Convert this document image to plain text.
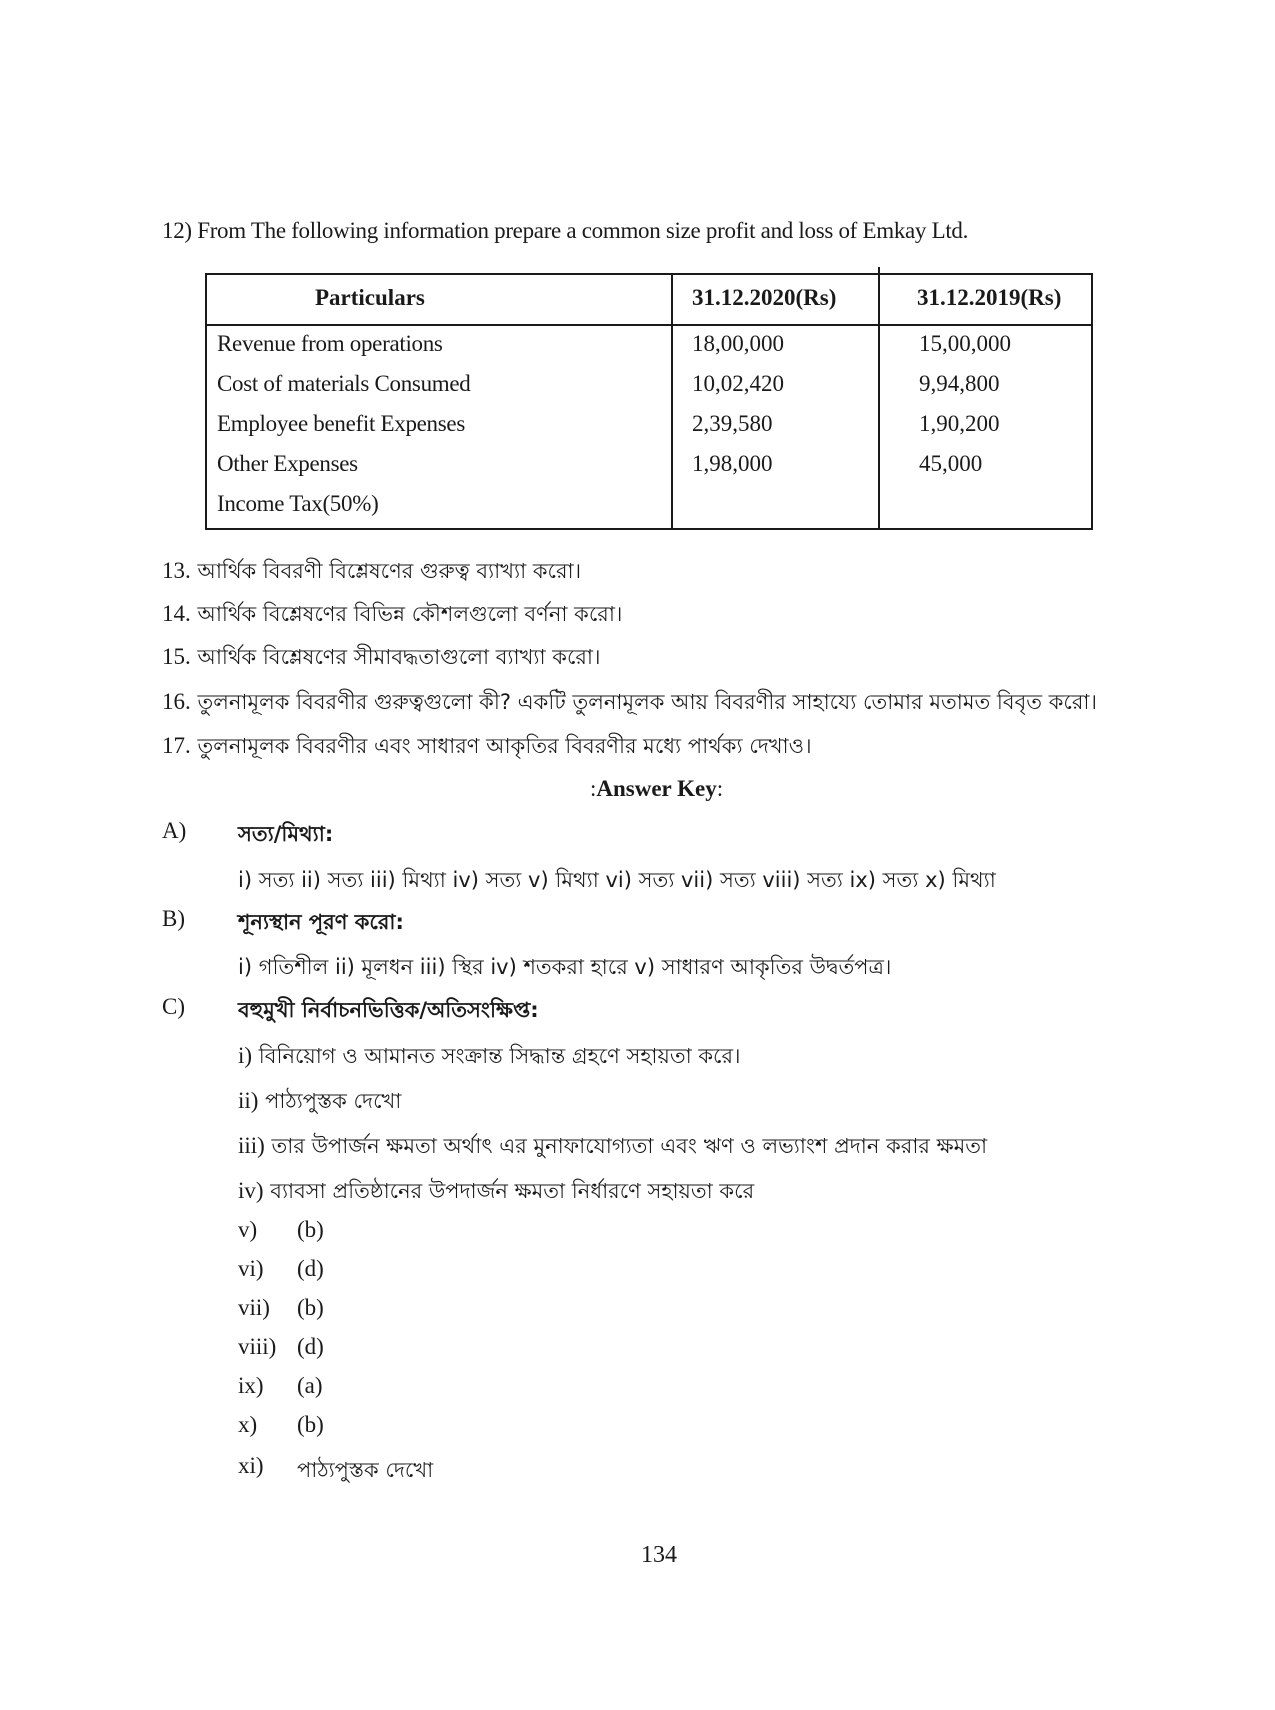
12) From The following information prepare a common size profit and loss of Emkay Ltd.
Particulars	31.12.2020(Rs)	31.12.2019(Rs)
Revenue from operations	18,00,000	15,00,000
Cost of materials Consumed	10,02,420	9,94,800
Employee benefit Expenses	2,39,580	1,90,200
Other Expenses	1,98,000	45,000
Income Tax(50%)
13. আর্থিক বিবরণী বিশ্লেষণের গুরুত্ব ব্যাখ্যা করো।
14. আর্থিক বিশ্লেষণের বিভিন্ন কৌশলগুলো বর্ণনা করো।
15. আর্থিক বিশ্লেষণের সীমাবদ্ধতাগুলো ব্যাখ্যা করো।
16. তুলনামূলক বিবরণীর গুরুত্বগুলো কী? একটি তুলনামূলক আয় বিবরণীর সাহায্যে তোমার মতামত বিবৃত করো।
17. তুলনামূলক বিবরণীর এবং সাধারণ আকৃতির বিবরণীর মধ্যে পার্থক্য দেখাও।
:Answer Key:
A) সত্য/মিথ্যা:
i) সত্য ii) সত্য iii) মিথ্যা iv) সত্য v) মিথ্যা vi) সত্য vii) সত্য viii) সত্য ix) সত্য x) মিথ্যা
B)	শূন্যস্থান পূরণ করো:
i) গতিশীল ii) মূলধন iii) স্থির iv) শতকরা হারে v) সাধারণ আকৃতির উদ্বর্তপত্র।
C)	বহুমুখী নির্বাচনভিত্তিক/অতিসংক্ষিপ্ত:
i) বিনিয়োগ ও আমানত সংক্রান্ত সিদ্ধান্ত গ্রহণে সহায়তা করে।
ii) পাঠ্যপুস্তক দেখো
iii) তার উপার্জন ক্ষমতা অর্থাৎ এর মুনাফাযোগ্যতা এবং ঋণ ও লভ্যাংশ প্রদান করার ক্ষমতা
iv) ব্যাবসা প্রতিষ্ঠানের উপদার্জন ক্ষমতা নির্ধারণে সহায়তা করে
v) (b)
vi) (d)
vii) (b)
viii) (d)
ix) (a)
x) (b)
xi) পাঠ্যপুস্তক দেখো
134
